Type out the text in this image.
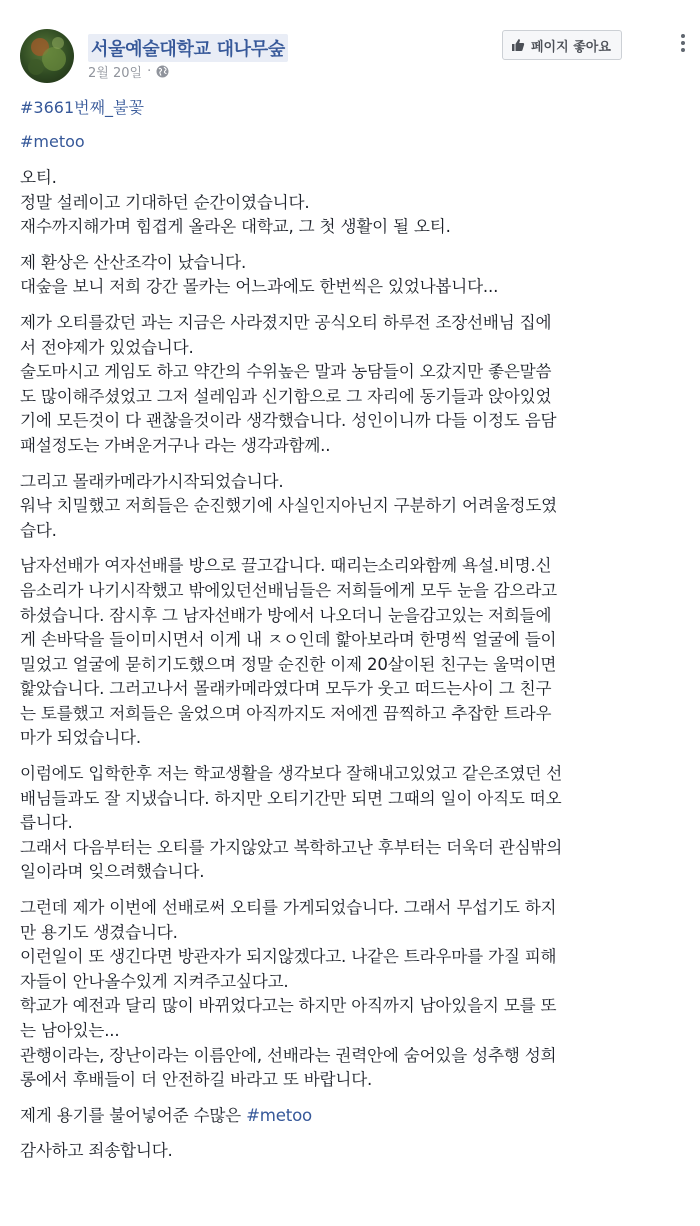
서울예술대학교 대나무숲
2월 20일 ·
페이지 좋아요
#3661번째_불꽃
#metoo

오티.
정말 설레이고 기대하던 순간이였습니다.
재수까지해가며 힘겹게 올라온 대학교, 그 첫 생활이 될 오티.

제 환상은 산산조각이 났습니다.
대숲을 보니 저희 강간 몰카는 어느과에도 한번씩은 있었나봅니다...

제가 오티를갔던 과는 지금은 사라졌지만 공식오티 하루전 조장선배님 집에
서 전야제가 있었습니다.
술도마시고 게임도 하고 약간의 수위높은 말과 농담들이 오갔지만 좋은말씀
도 많이해주셨었고 그저 설레임과 신기함으로 그 자리에 동기들과 앉아있었
기에 모든것이 다 괜찮을것이라 생각했습니다. 성인이니까 다들 이정도 음담
패설정도는 가벼운거구나 라는 생각과함께..

그리고 몰래카메라가시작되었습니다.
워낙 치밀했고 저희들은 순진했기에 사실인지아닌지 구분하기 어려울정도였
습다.

남자선배가 여자선배를 방으로 끌고갑니다. 때리는소리와함께 욕설.비명.신
음소리가 나기시작했고 밖에있던선배님들은 저희들에게 모두 눈을 감으라고
하셨습니다. 잠시후 그 남자선배가 방에서 나오더니 눈을감고있는 저희들에
게 손바닥을 들이미시면서 이게 내 ㅈㅇ인데 핥아보라며 한명씩 얼굴에 들이
밀었고 얼굴에 묻히기도했으며 정말 순진한 이제 20살이된 친구는 울먹이면
핥았습니다. 그러고나서 몰래카메라였다며 모두가 웃고 떠드는사이 그 친구
는 토를했고 저희들은 울었으며 아직까지도 저에겐 끔찍하고 추잡한 트라우
마가 되었습니다.

이럼에도 입학한후 저는 학교생활을 생각보다 잘해내고있었고 같은조였던 선
배님들과도 잘 지냈습니다. 하지만 오티기간만 되면 그때의 일이 아직도 떠오
릅니다.
그래서 다음부터는 오티를 가지않았고 복학하고난 후부터는 더욱더 관심밖의
일이라며 잊으려했습니다.

그런데 제가 이번에 선배로써 오티를 가게되었습니다. 그래서 무섭기도 하지
만 용기도 생겼습니다.
이런일이 또 생긴다면 방관자가 되지않겠다고. 나같은 트라우마를 가질 피해
자들이 안나올수있게 지켜주고싶다고.
학교가 예전과 달리 많이 바뀌었다고는 하지만 아직까지 남아있을지 모를 또
는 남아있는...
관행이라는, 장난이라는 이름안에, 선배라는 권력안에 숨어있을 성추행 성희
롱에서 후배들이 더 안전하길 바라고 또 바랍니다.

제게 용기를 불어넣어준 수많은 #metoo

감사하고 죄송합니다.
